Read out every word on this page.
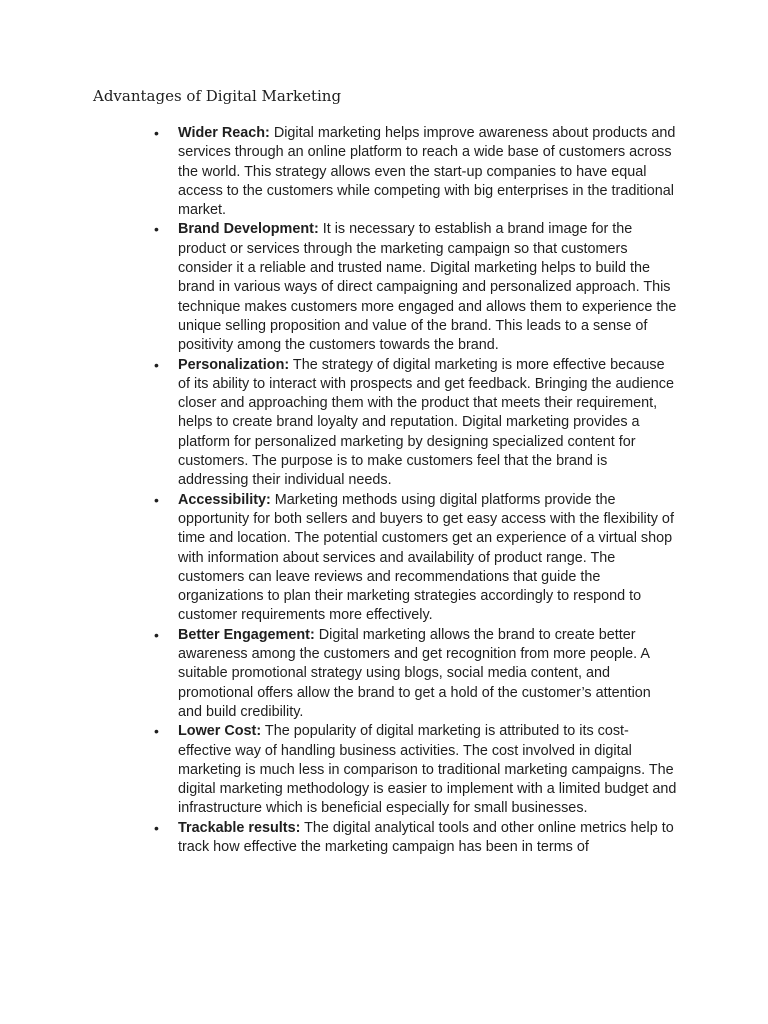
Advantages of Digital Marketing
• Wider Reach: Digital marketing helps improve awareness about products and services through an online platform to reach a wide base of customers across the world. This strategy allows even the start-up companies to have equal access to the customers while competing with big enterprises in the traditional market.
• Brand Development: It is necessary to establish a brand image for the product or services through the marketing campaign so that customers consider it a reliable and trusted name. Digital marketing helps to build the brand in various ways of direct campaigning and personalized approach. This technique makes customers more engaged and allows them to experience the unique selling proposition and value of the brand. This leads to a sense of positivity among the customers towards the brand.
• Personalization: The strategy of digital marketing is more effective because of its ability to interact with prospects and get feedback. Bringing the audience closer and approaching them with the product that meets their requirement, helps to create brand loyalty and reputation. Digital marketing provides a platform for personalized marketing by designing specialized content for customers. The purpose is to make customers feel that the brand is addressing their individual needs.
• Accessibility: Marketing methods using digital platforms provide the opportunity for both sellers and buyers to get easy access with the flexibility of time and location. The potential customers get an experience of a virtual shop with information about services and availability of product range. The customers can leave reviews and recommendations that guide the organizations to plan their marketing strategies accordingly to respond to customer requirements more effectively.
• Better Engagement: Digital marketing allows the brand to create better awareness among the customers and get recognition from more people. A suitable promotional strategy using blogs, social media content, and promotional offers allow the brand to get a hold of the customer’s attention and build credibility.
• Lower Cost: The popularity of digital marketing is attributed to its cost-effective way of handling business activities. The cost involved in digital marketing is much less in comparison to traditional marketing campaigns. The digital marketing methodology is easier to implement with a limited budget and infrastructure which is beneficial especially for small businesses.
• Trackable results: The digital analytical tools and other online metrics help to track how effective the marketing campaign has been in terms of
